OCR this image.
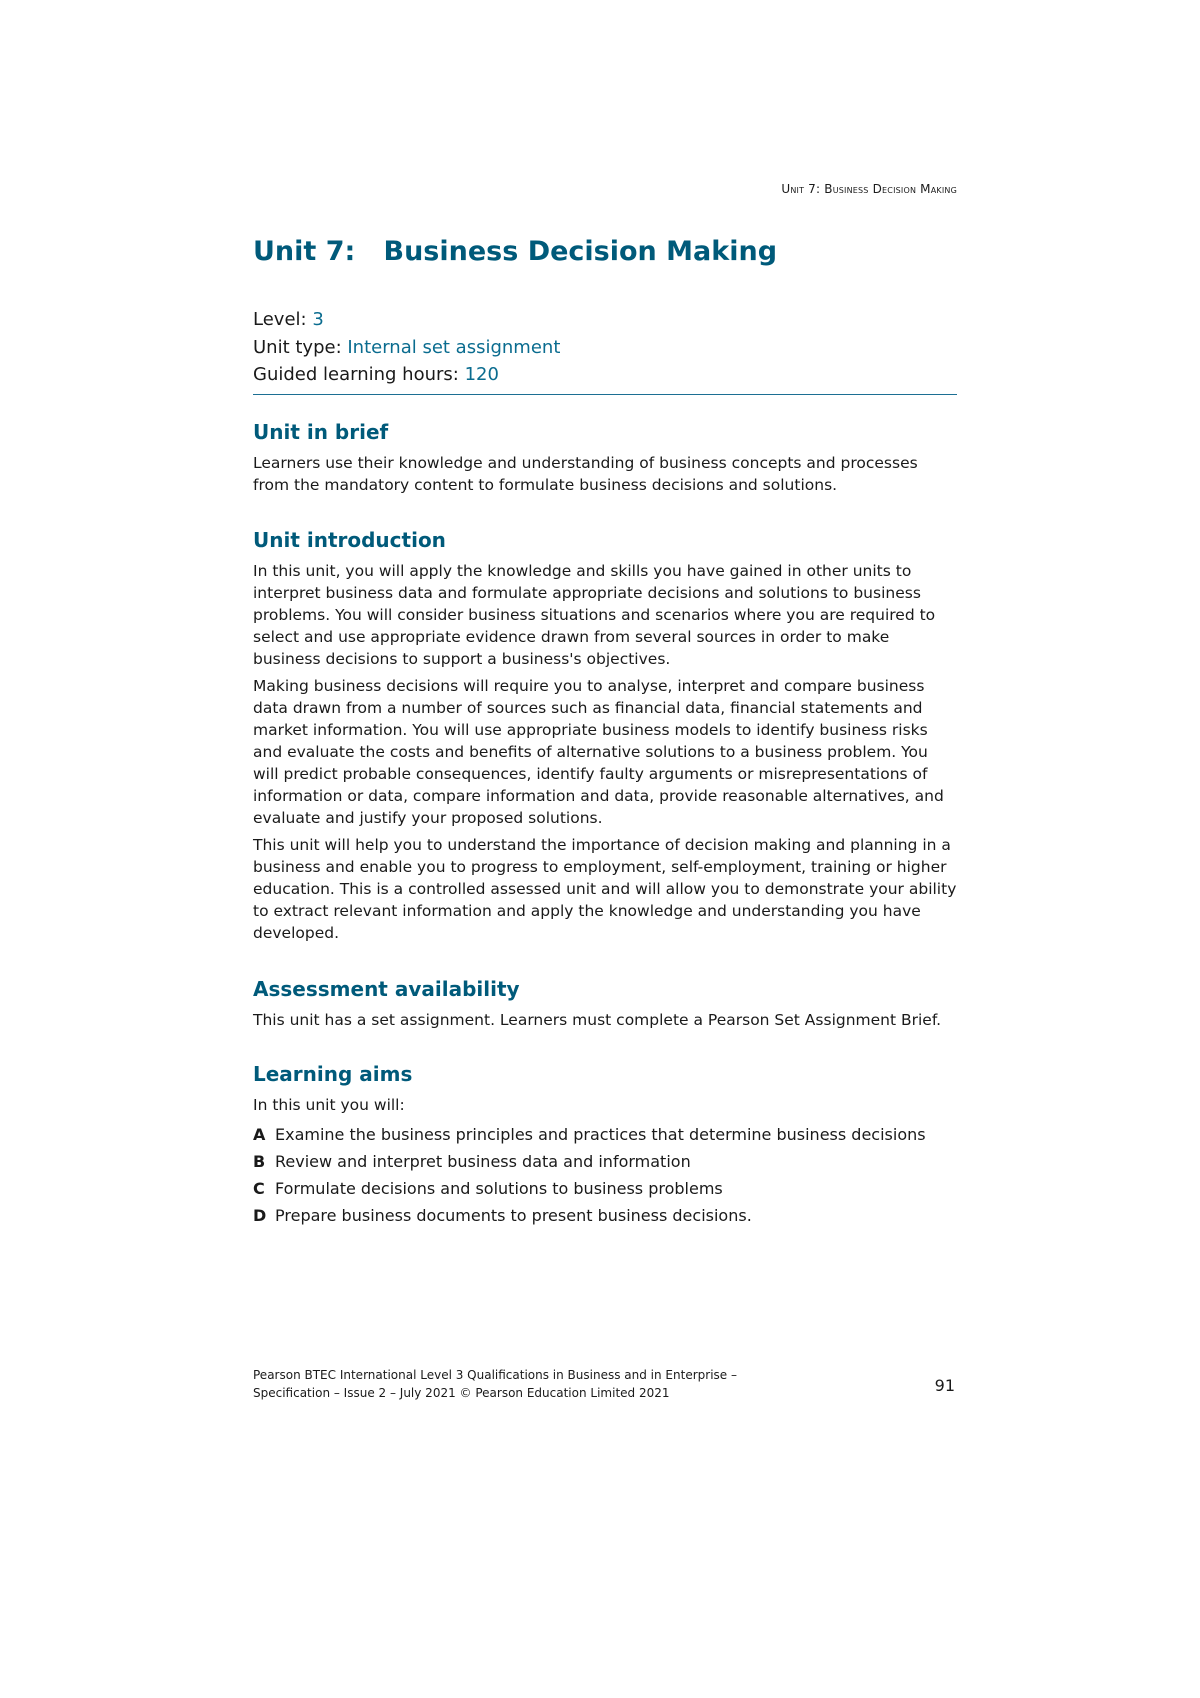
Unit 7: Business Decision Making
Unit 7:   Business Decision Making
Level: 3
Unit type: Internal set assignment
Guided learning hours: 120
Unit in brief

Learners use their knowledge and understanding of business concepts and processes from the mandatory content to formulate business decisions and solutions.

Unit introduction

In this unit, you will apply the knowledge and skills you have gained in other units to interpret business data and formulate appropriate decisions and solutions to business problems. You will consider business situations and scenarios where you are required to select and use appropriate evidence drawn from several sources in order to make business decisions to support a business's objectives.

Making business decisions will require you to analyse, interpret and compare business data drawn from a number of sources such as financial data, financial statements and market information. You will use appropriate business models to identify business risks and evaluate the costs and benefits of alternative solutions to a business problem. You will predict probable consequences, identify faulty arguments or misrepresentations of information or data, compare information and data, provide reasonable alternatives, and evaluate and justify your proposed solutions.

This unit will help you to understand the importance of decision making and planning in a business and enable you to progress to employment, self-employment, training or higher education. This is a controlled assessed unit and will allow you to demonstrate your ability to extract relevant information and apply the knowledge and understanding you have developed.

Assessment availability

This unit has a set assignment. Learners must complete a Pearson Set Assignment Brief.

Learning aims

In this unit you will:

A Examine the business principles and practices that determine business decisions
B Review and interpret business data and information
C Formulate decisions and solutions to business problems
D Prepare business documents to present business decisions.
Pearson BTEC International Level 3 Qualifications in Business and in Enterprise –
Specification – Issue 2 – July 2021 © Pearson Education Limited 2021	91
